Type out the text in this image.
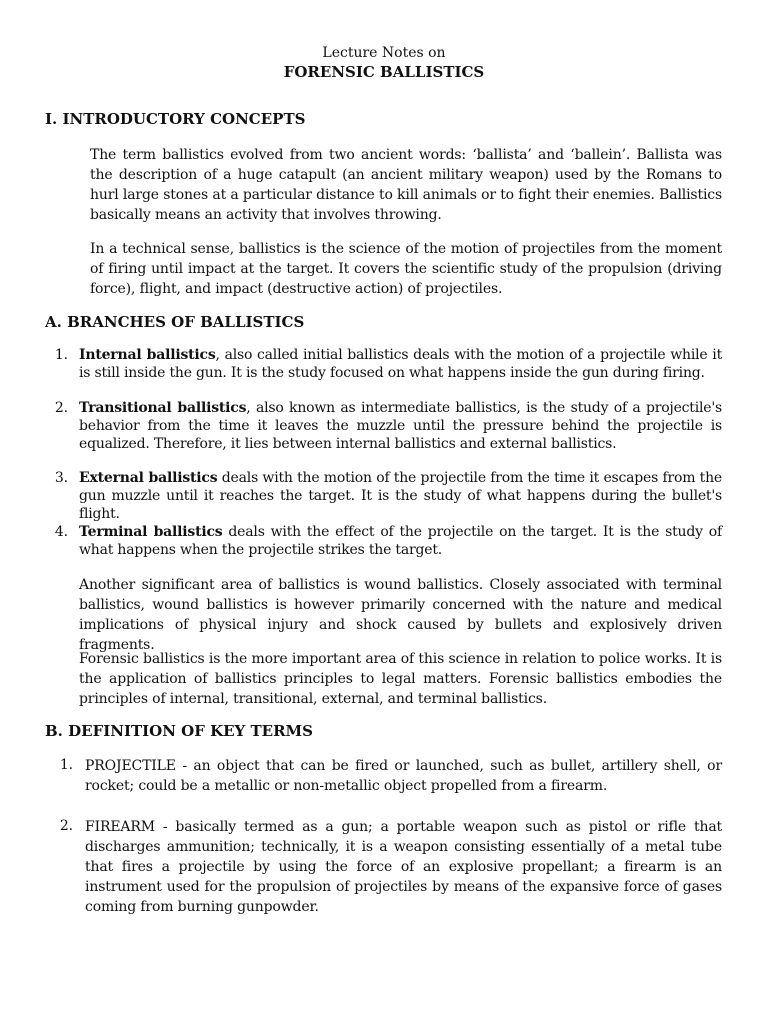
Lecture Notes on

FORENSIC BALLISTICS

I. INTRODUCTORY CONCEPTS

The term ballistics evolved from two ancient words: ‘ballista’ and ‘ballein’. Ballista was the description of a huge catapult (an ancient military weapon) used by the Romans to hurl large stones at a particular distance to kill animals or to fight their enemies. Ballistics basically means an activity that involves throwing.

In a technical sense, ballistics is the science of the motion of projectiles from the moment of firing until impact at the target. It covers the scientific study of the propulsion (driving force), flight, and impact (destructive action) of projectiles.

A. BRANCHES OF BALLISTICS
1. Internal ballistics, also called initial ballistics deals with the motion of a projectile while it is still inside the gun. It is the study focused on what happens inside the gun during firing.

2. Transitional ballistics, also known as intermediate ballistics, is the study of a projectile's behavior from the time it leaves the muzzle until the pressure behind the projectile is equalized. Therefore, it lies between internal ballistics and external ballistics.

3. External ballistics deals with the motion of the projectile from the time it escapes from the gun muzzle until it reaches the target. It is the study of what happens during the bullet's flight.

4. Terminal ballistics deals with the effect of the projectile on the target. It is the study of what happens when the projectile strikes the target.

Another significant area of ballistics is wound ballistics. Closely associated with terminal ballistics, wound ballistics is however primarily concerned with the nature and medical implications of physical injury and shock caused by bullets and explosively driven fragments.

Forensic ballistics is the more important area of this science in relation to police works. It is the application of ballistics principles to legal matters. Forensic ballistics embodies the principles of internal, transitional, external, and terminal ballistics.

B. DEFINITION OF KEY TERMS
1. PROJECTILE - an object that can be fired or launched, such as bullet, artillery shell, or rocket; could be a metallic or non-metallic object propelled from a firearm.

2. FIREARM - basically termed as a gun; a portable weapon such as pistol or rifle that discharges ammunition; technically, it is a weapon consisting essentially of a metal tube that fires a projectile by using the force of an explosive propellant; a firearm is an instrument used for the propulsion of projectiles by means of the expansive force of gases coming from burning gunpowder.
